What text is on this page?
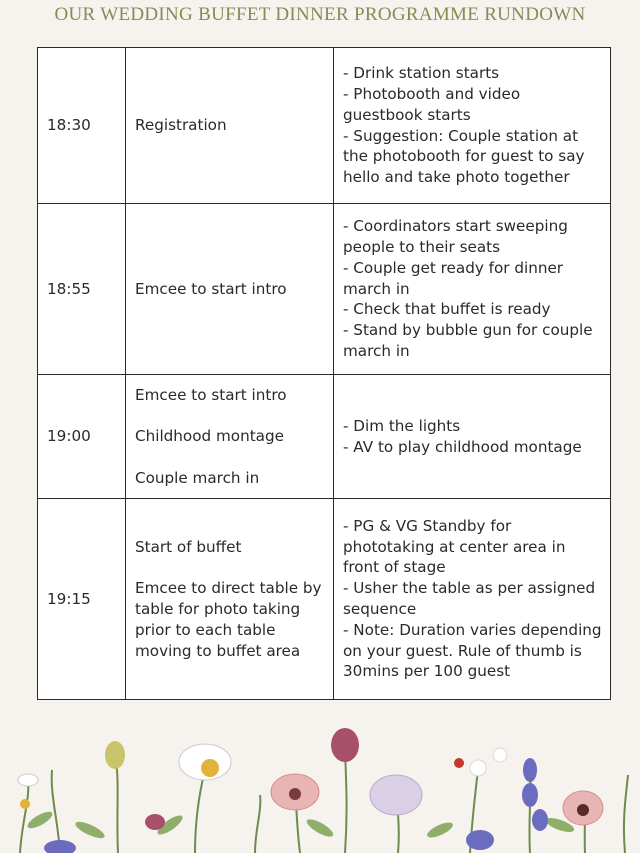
OUR WEDDING BUFFET DINNER PROGRAMME RUNDOWN
18:30	Registration	- Drink station starts
- Photobooth and video guestbook starts
- Suggestion: Couple station at the photobooth for guest to say hello and take photo together

18:55	Emcee to start intro	- Coordinators start sweeping people to their seats
- Couple get ready for dinner march in
- Check that buffet is ready
- Stand by bubble gun for couple march in

19:00	Emcee to start intro
Childhood montage
Couple march in	- Dim the lights
- AV to play childhood montage

19:15	Start of buffet
Emcee to direct table by table for photo taking prior to each table moving to buffet area	- PG & VG Standby for phototaking at center area in front of stage
- Usher the table as per assigned sequence
- Note: Duration varies depending on your guest. Rule of thumb is 30mins per 100 guest
